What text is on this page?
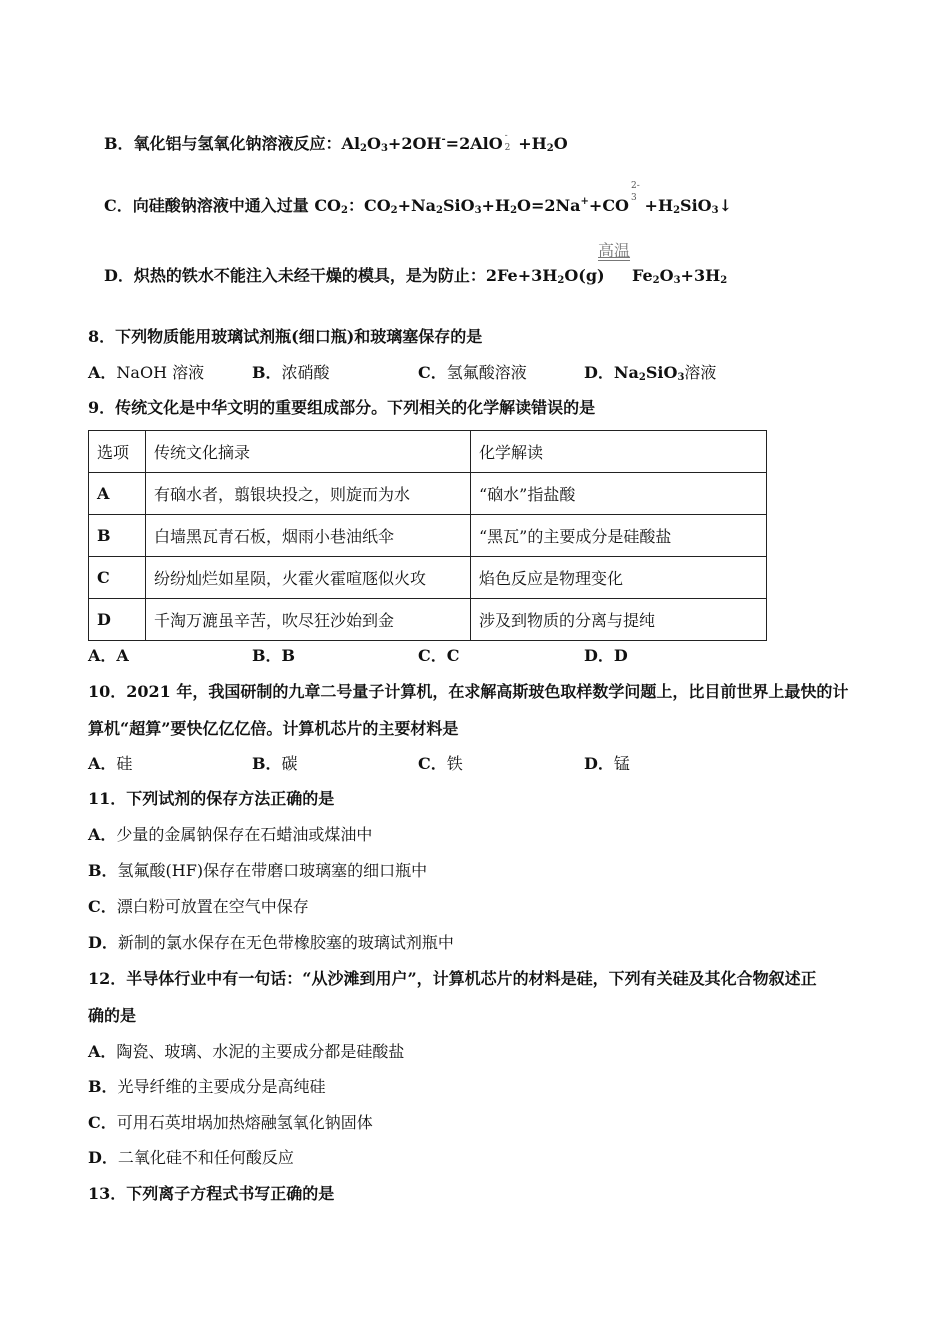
B．氧化铝与氢氧化钠溶液反应：$Al_2O_3+2OH^-=2AlO$ -
$2 +H_2O$
C．向硅酸钠溶液中通入过量 $CO_2$：$CO_2+Na_2SiO_3+H_2O=2Na^++CO$
2-
$3 +H_2SiO_3↓$
高温
D．炽热的铁水不能注入未经干燥的模具，是为防止：$2Fe+3H_2O(g)$ $Fe_2O_3+3H_2$
8．下列物质能用玻璃试剂瓶(细口瓶)和玻璃塞保存的是
A．NaOH 溶液	B．浓硝酸	C．氢氟酸溶液	D．$Na_2SiO_3$溶液
9．传统文化是中华文明的重要组成部分。下列相关的化学解读错误的是
选项	传统文化摘录	化学解读
A	有硇水者，翦银块投之，则旋而为水	“硇水”指盐酸
B	白墙黑瓦青石板，烟雨小巷油纸伞	“黑瓦”的主要成分是硅酸盐
C	纷纷灿烂如星陨，火霍火霍喧豗似火攻	焰色反应是物理变化
D	千淘万漉虽辛苦，吹尽狂沙始到金	涉及到物质的分离与提纯
A．A	B．B	C．C	D．D
10．2021 年，我国研制的九章二号量子计算机，在求解高斯玻色取样数学问题上，比目前世界上最快的计
算机“超算”要快亿亿亿倍。计算机芯片的主要材料是
A．硅	B．碳	C．铁	D．锰
11．下列试剂的保存方法正确的是
A．少量的金属钠保存在石蜡油或煤油中
B．氢氟酸(HF)保存在带磨口玻璃塞的细口瓶中
C．漂白粉可放置在空气中保存
D．新制的氯水保存在无色带橡胶塞的玻璃试剂瓶中
12．半导体行业中有一句话：“从沙滩到用户”，计算机芯片的材料是硅，下列有关硅及其化合物叙述正
确的是
A．陶瓷、玻璃、水泥的主要成分都是硅酸盐
B．光导纤维的主要成分是高纯硅
C．可用石英坩埚加热熔融氢氧化钠固体
D．二氧化硅不和任何酸反应
13．下列离子方程式书写正确的是
